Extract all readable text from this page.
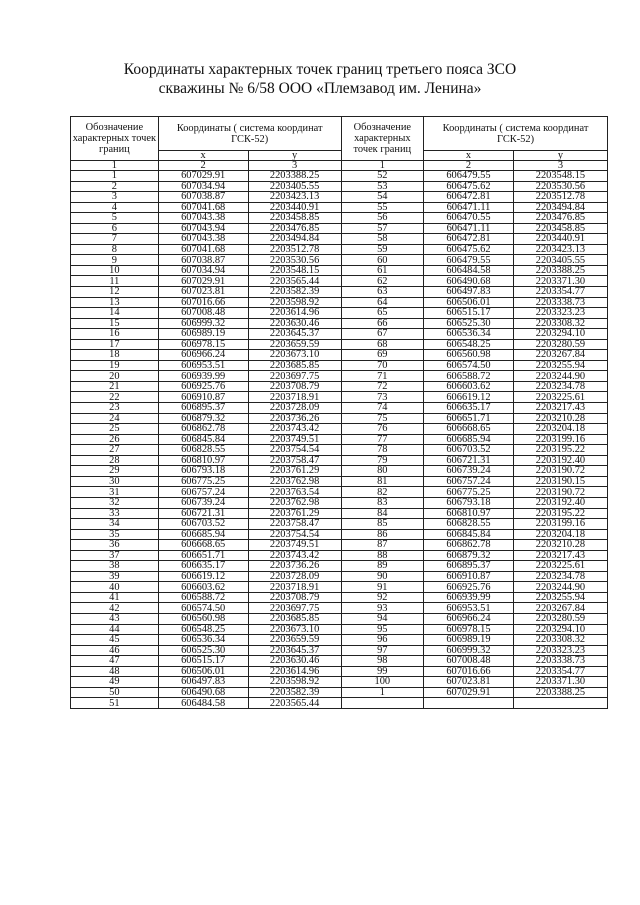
Координаты характерных точек границ третьего пояса ЗСО
скважины № 6/58 ООО «Племзавод им. Ленина»
Обозначение характерных точек границ	Координаты ( система координат ГСК-52)		Обозначение характерных точек границ	Координаты ( система координат ГСК-52)	
	x	y		x	y
1	2	3	1	2	3
1	607029.91	2203388.25	52	606479.55	2203548.15
2	607034.94	2203405.55	53	606475.62	2203530.56
3	607038.87	2203423.13	54	606472.81	2203512.78
4	607041.68	2203440.91	55	606471.11	2203494.84
5	607043.38	2203458.85	56	606470.55	2203476.85
6	607043.94	2203476.85	57	606471.11	2203458.85
7	607043.38	2203494.84	58	606472.81	2203440.91
8	607041.68	2203512.78	59	606475.62	2203423.13
9	607038.87	2203530.56	60	606479.55	2203405.55
10	607034.94	2203548.15	61	606484.58	2203388.25
11	607029.91	2203565.44	62	606490.68	2203371.30
12	607023.81	2203582.39	63	606497.83	2203354.77
13	607016.66	2203598.92	64	606506.01	2203338.73
14	607008.48	2203614.96	65	606515.17	2203323.23
15	606999.32	2203630.46	66	606525.30	2203308.32
16	606989.19	2203645.37	67	606536.34	2203294.10
17	606978.15	2203659.59	68	606548.25	2203280.59
18	606966.24	2203673.10	69	606560.98	2203267.84
19	606953.51	2203685.85	70	606574.50	2203255.94
20	606939.99	2203697.75	71	606588.72	2203244.90
21	606925.76	2203708.79	72	606603.62	2203234.78
22	606910.87	2203718.91	73	606619.12	2203225.61
23	606895.37	2203728.09	74	606635.17	2203217.43
24	606879.32	2203736.26	75	606651.71	2203210.28
25	606862.78	2203743.42	76	606668.65	2203204.18
26	606845.84	2203749.51	77	606685.94	2203199.16
27	606828.55	2203754.54	78	606703.52	2203195.22
28	606810.97	2203758.47	79	606721.31	2203192.40
29	606793.18	2203761.29	80	606739.24	2203190.72
30	606775.25	2203762.98	81	606757.24	2203190.15
31	606757.24	2203763.54	82	606775.25	2203190.72
32	606739.24	2203762.98	83	606793.18	2203192.40
33	606721.31	2203761.29	84	606810.97	2203195.22
34	606703.52	2203758.47	85	606828.55	2203199.16
35	606685.94	2203754.54	86	606845.84	2203204.18
36	606668.65	2203749.51	87	606862.78	2203210.28
37	606651.71	2203743.42	88	606879.32	2203217.43
38	606635.17	2203736.26	89	606895.37	2203225.61
39	606619.12	2203728.09	90	606910.87	2203234.78
40	606603.62	2203718.91	91	606925.76	2203244.90
41	606588.72	2203708.79	92	606939.99	2203255.94
42	606574.50	2203697.75	93	606953.51	2203267.84
43	606560.98	2203685.85	94	606966.24	2203280.59
44	606548.25	2203673.10	95	606978.15	2203294.10
45	606536.34	2203659.59	96	606989.19	2203308.32
46	606525.30	2203645.37	97	606999.32	2203323.23
47	606515.17	2203630.46	98	607008.48	2203338.73
48	606506.01	2203614.96	99	607016.66	2203354.77
49	606497.83	2203598.92	100	607023.81	2203371.30
50	606490.68	2203582.39	1	607029.91	2203388.25
51	606484.58	2203565.44			
